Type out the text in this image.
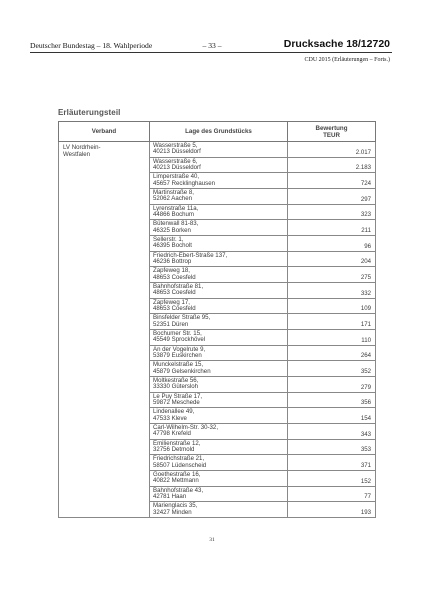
Deutscher Bundestag – 18. Wahlperiode	– 33 –	Drucksache 18/12720
CDU 2015 (Erläuterungen – Forts.)
Erläuterungsteil
Verband	Lage des Grundstücks	Bewertung
TEUR

LV Nordrhein-
Westfalen	Wasserstraße 5,
40213 Düsseldorf	2.017

	Wasserstraße 6,
40213 Düsseldorf	2.183

	Limperstraße 40,
45657 Recklinghausen	724

	Martinstraße 8,
52062 Aachen	297

	Lyrenstraße 11a,
44866 Bochum	323

	Bütenwall 81-83,
46325 Borken	211

	Sellerstr. 1,
46395 Bocholt	96

	Friedrich-Ebert-Straße 137,
46236 Bottrop	204

	Zapfeweg 18,
48653 Coesfeld	275

	Bahnhofstraße 81,
48653 Coesfeld	332

	Zapfeweg 17,
48653 Coesfeld	109

	Binsfelder Straße 95,
52351 Düren	171

	Bochumer Str. 15,
45549 Sprockhövel	110

	An der Vogelrute 9,
53879 Euskirchen	264

	Munckelstraße 15,
45879 Gelsenkirchen	352

	Moltkestraße 56,
33330 Gütersloh	279

	Le Puy Straße 17,
59872 Meschede	356

	Lindenallee 49,
47533 Kleve	154

	Carl-Wilhelm-Str. 30-32,
47798 Krefeld	343

	Emilienstraße 12,
32756 Detmold	353

	Friedrichstraße 21,
58507 Lüdenscheid	371

	Goethestraße 16,
40822 Mettmann	152

	Bahnhofstraße 43,
42781 Haan	77

	Marienglacis 35,
32427 Minden	193
31
